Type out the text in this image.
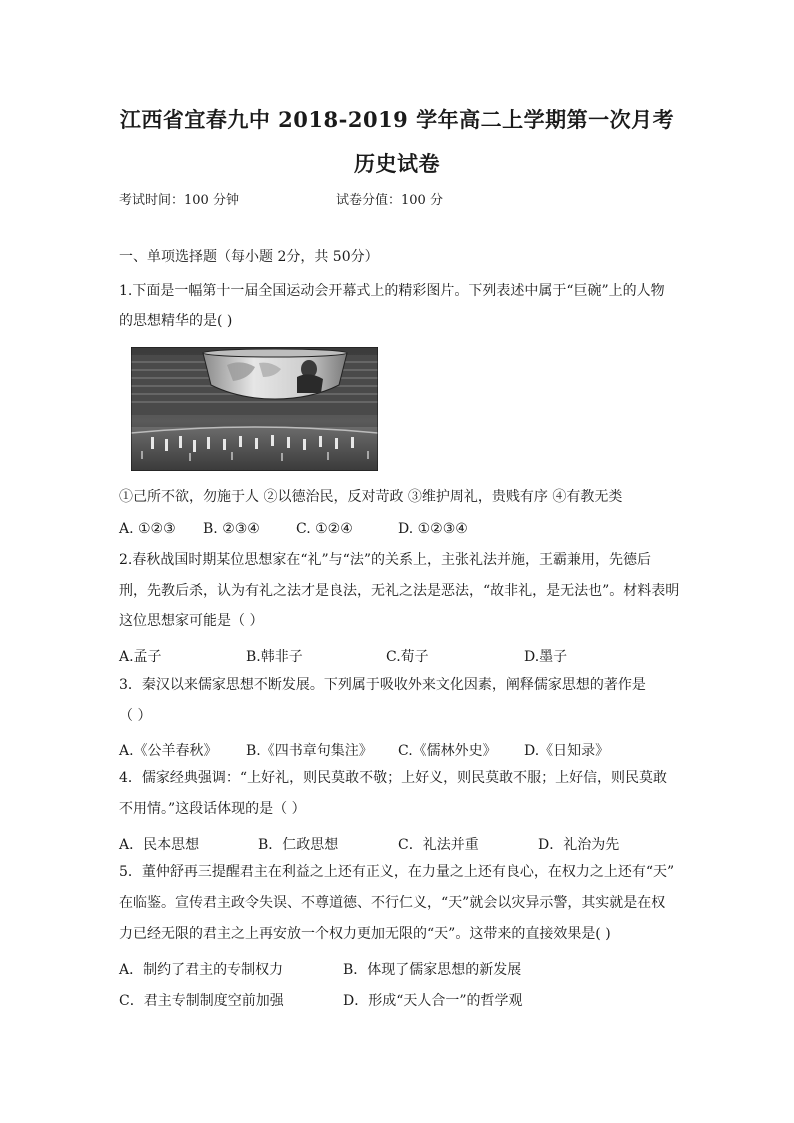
江西省宜春九中 2018-2019 学年高二上学期第一次月考
历史试卷
考试时间：100 分钟	试卷分值：100 分
一、单项选择题（每小题 2分，共 50分）
1.下面是一幅第十一届全国运动会开幕式上的精彩图片。下列表述中属于“巨碗”上的人物
的思想精华的是( )
①己所不欲，勿施于人 ②以德治民，反对苛政 ③维护周礼，贵贱有序 ④有教无类
A. ①②③ B. ②③④	C. ①②④	D. ①②③④
2.春秋战国时期某位思想家在“礼”与“法”的关系上，主张礼法并施，王霸兼用，先德后
刑，先教后杀，认为有礼之法才是良法，无礼之法是恶法，“故非礼，是无法也”。材料表明
这位思想家可能是（ ）
A.孟子	B.韩非子	C.荀子	D.墨子
3．秦汉以来儒家思想不断发展。下列属于吸收外来文化因素，阐释儒家思想的著作是
（ ）
A.《公羊春秋》 B.《四书章句集注》 C.《儒林外史》 D.《日知录》
4．儒家经典强调：“上好礼，则民莫敢不敬；上好义，则民莫敢不服；上好信，则民莫敢
不用情。”这段话体现的是（ ）
A．民本思想	B．仁政思想	C．礼法并重	D．礼治为先
5．董仲舒再三提醒君主在利益之上还有正义，在力量之上还有良心，在权力之上还有“天”
在临鉴。宣传君主政令失误、不尊道德、不行仁义，“天”就会以灾异示警，其实就是在权
力已经无限的君主之上再安放一个权力更加无限的“天”。这带来的直接效果是( )
A．制约了君主的专制权力	B．体现了儒家思想的新发展
C．君主专制制度空前加强	D．形成“天人合一”的哲学观
